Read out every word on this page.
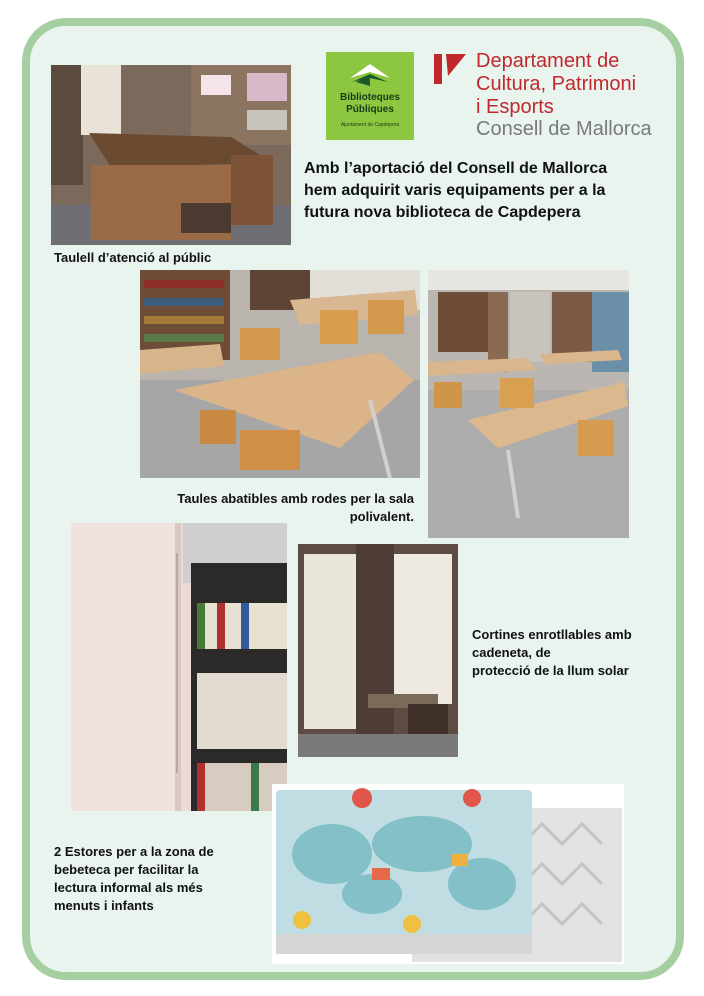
Taulell d’atenció al públic
Biblioteques
Públiques
Ajuntament de Capdepera
Departament de
Cultura, Patrimoni
i Esports
Consell de Mallorca
Amb l’aportació del Consell de Mallorca
hem adquirit varis equipaments per a la
futura nova biblioteca de Capdepera
Taules abatibles amb rodes per la sala
polivalent.
Cortines enrotllables amb
cadeneta, de
protecció de la llum solar
2 Estores per a la zona de
bebeteca per facilitar la
lectura informal als més
menuts i infants
